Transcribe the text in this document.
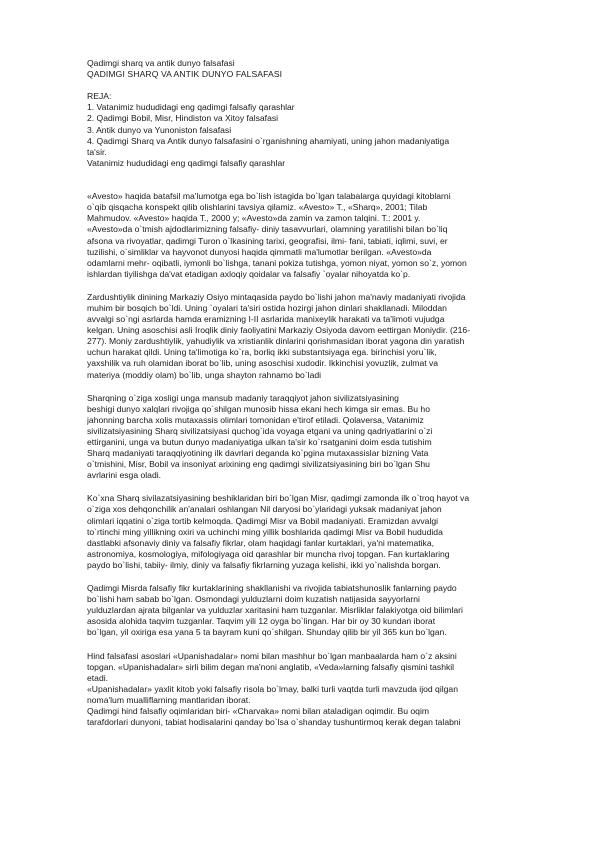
Qadimgi sharq va antik dunyo falsafasi
QADIMGI SHARQ VA ANTIK DUNYO FALSAFASI
REJA:
1. Vatanimiz hududidagi eng qadimgi falsafiy qarashlar
2. Qadimgi Bobil, Misr, Hindiston va Xitoy falsafasi
3. Antik dunyo va Yunoniston falsafasi
4. Qadimgi Sharq va Antik dunyo falsafasini o`rganishning ahamiyati, uning jahon madaniyatiga
ta'sir.
Vatanimiz hududidagi eng qadimgi falsafiy qarashlar
«Avesto» haqida batafsil ma'lumotga ega bo`lish istagida bo`lgan talabalarga quyidagi kitoblarni
o`qib qisqacha konspekt qilib olishlarini tavsiya qilamiz. «Avesto» T., «Sharq», 2001; Tilab
Mahmudov. «Avesto» haqida T., 2000 y; «Avesto»da zamin va zamon talqini. T.: 2001 y.
«Avesto»da o`tmish ajdodlarimizning falsafiy- diniy tasavvurlari, olamning yaratilishi bilan bo`liq
afsona va rivoyatlar, qadimgi Turon o`lkasining tarixi, geografisi, ilmi- fani, tabiati, iqlimi, suvi, er
tuzilishi, o`simliklar va hayvonot dunyosi haqida qimmatli ma'lumotlar berilgan. «Avesto»da
odamlarni mehr- oqibatli, iymonli bo`lishga, tanani pokiza tutishga, yomon niyat, yomon so`z, yomon
ishlardan tiyilishga da'vat etadigan axloqiy qoidalar va falsafiy `oyalar nihoyatda ko`p.
Zardushtiylik dinining Markaziy Osiyo mintaqasida paydo bo`lishi jahon ma'naviy madaniyati rivojida
muhim bir bosqich bo`ldi. Uning `oyalari ta'siri ostida hozirgi jahon dinlari shakllanadi. Miloddan
avvalgi so`ngi asrlarda hamda eramizning I-II asrlarida manixeylik harakati va ta'limoti vujudga
kelgan. Uning asoschisi asli Iroqlik diniy faoliyatini Markaziy Osiyoda davom eettirgan Moniydir. (216-
277). Moniy zardushtiylik, yahudiylik va xristianlik dinlarini qorishmasidan iborat yagona din yaratish
uchun harakat qildi. Uning ta'limotiga ko`ra, borliq ikki substantsiyaga ega. birinchisi yoru`lik,
yaxshilik va ruh olamidan iborat bo`lib, uning asoschisi xudodir. Ikkinchisi yovuzlik, zulmat va
materiya (moddiy olam) bo`lib, unga shayton rahnamo bo`ladi
Sharqning o`ziga xosligi unga mansub madaniy taraqqiyot jahon sivilizatsiyasining
beshigi dunyo xalqlari rivojiga qo`shilgan munosib hissa ekani hech kimga sir emas. Bu ho
jahonning barcha xolis mutaxassis olimlari tomonidan e'tirof etiladi. Qolaversa, Vatanimiz
sivilizatsiyasining Sharq sivilizatsiyasi quchog`ida voyaga etgani va uning qadriyatlarini o`zi
ettirganini, unga va butun dunyo madaniyatiga ulkan ta'sir ko`rsatganini doim esda tutishim
Sharq madaniyati taraqqiyotining ilk davrlari deganda ko`pgina mutaxassislar bizning Vata
o`tmishini, Misr, Bobil va insoniyat arixining eng qadimgi sivilizatsiyasining biri bo`lgan Shu
avrlarini esga oladi.
Ko`xna Sharq sivilazatsiyasining beshiklaridan biri bo`lgan Misr, qadimgi zamonda ilk o`troq hayot va
o`ziga xos dehqonchilik an'analari oshlangan Nil daryosi bo`ylaridagi yuksak madaniyat jahon
olimlari iqqatini o`ziga tortib kelmoqda. Qadimgi Misr va Bobil madaniyati. Eramizdan avvalgi
to`rtinchi ming yillikning oxiri va uchinchi ming yillik boshlarida qadimgi Misr va Bobil hududida
dastlabki afsonaviy diniy va falsafiy fikrlar, olam haqidagi fanlar kurtaklari, ya'ni matematika,
astronomiya, kosmologiya, mifologiyaga oid qarashlar bir muncha rivoj topgan. Fan kurtaklaring
paydo bo`lishi, tabiiy- ilmiy, diniy va falsafiy fikrlarning yuzaga kelishi, ikki yo`nalishda borgan.
Qadimgi Misrda falsafiy fikr kurtaklarining shakllanishi va rivojida tabiatshunoslik fanlarning paydo
bo`lishi ham sabab bo`lgan. Osmondagi yulduzlarni doim kuzatish natijasida sayyorlarni
yulduzlardan ajrata bilganlar va yulduzlar xaritasini ham tuzganlar. Misrliklar falakiyotga oid bilimlari
asosida alohida taqvim tuzganlar. Taqvim yili 12 oyga bo`lingan. Har bir oy 30 kundan iborat
bo`lgan, yil oxiriga esa yana 5 ta bayram kuni qo`shilgan. Shunday qilib bir yil 365 kun bo`lgan.
Hind falsafasi asoslari «Upanishadalar» nomi bilan mashhur bo`lgan manbaalarda ham o`z aksini
topgan. «Upanishadalar» sirli bilim degan ma'noni anglatib, «Veda»larning falsafiy qismini tashkil
etadi.
«Upanishadalar» yaxlit kitob yoki falsafiy risola bo`lmay, balki turli vaqtda turli mavzuda ijod qilgan
noma'lum mualliflarning mantlaridan iborat.
Qadimgi hind falsafiy oqimlaridan biri- «Charvaka» nomi bilan ataladigan oqimdir. Bu oqim
tarafdorlari dunyoni, tabiat hodisalarini qanday bo`lsa o`shanday tushuntirmoq kerak degan talabni
